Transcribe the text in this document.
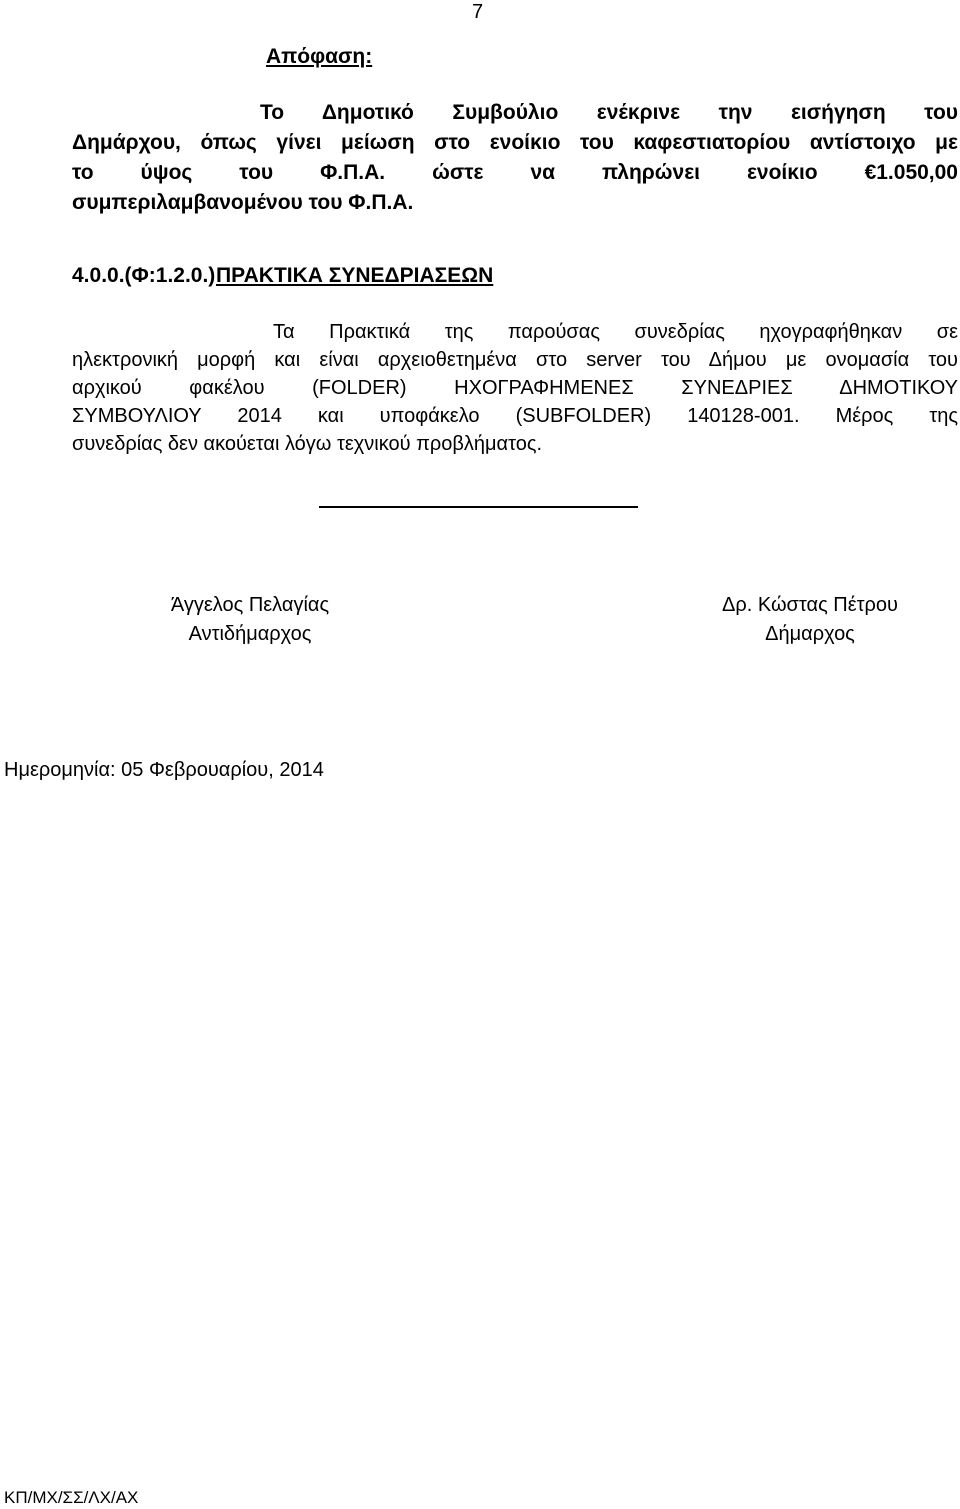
7
Απόφαση:

Το Δημοτικό Συμβούλιο ενέκρινε την εισήγηση του

Δημάρχου, όπως γίνει μείωση στο ενοίκιο του καφεστιατορίου αντίστοιχο με

το ύψος του Φ.Π.Α. ώστε να πληρώνει ενοίκιο €1.050,00

συμπεριλαμβανομένου του Φ.Π.Α.

4.0.0.(Φ:1.2.0.) ΠΡΑΚΤΙΚΑ ΣΥΝΕΔΡΙΑΣΕΩΝ

Τα Πρακτικά της παρούσας συνεδρίας ηχογραφήθηκαν σε

ηλεκτρονική μορφή και είναι αρχειοθετημένα στο server του Δήμου με ονομασία του

αρχικού φακέλου (FOLDER) ΗΧΟΓΡΑΦΗΜΕΝΕΣ ΣΥΝΕΔΡΙΕΣ ΔΗΜΟΤΙΚΟΥ

ΣΥΜΒΟΥΛΙΟΥ 2014 και υποφάκελο (SUBFOLDER) 140128-001. Μέρος της

συνεδρίας δεν ακούεται λόγω τεχνικού προβλήματος.

Άγγελος Πελαγίας
Αντιδήμαρχος
Δρ. Κώστας Πέτρου
Δήμαρχος
Ημερομηνία: 05 Φεβρουαρίου, 2014
ΚΠ/ΜΧ/ΣΣ/ΛΧ/ΑΧ
